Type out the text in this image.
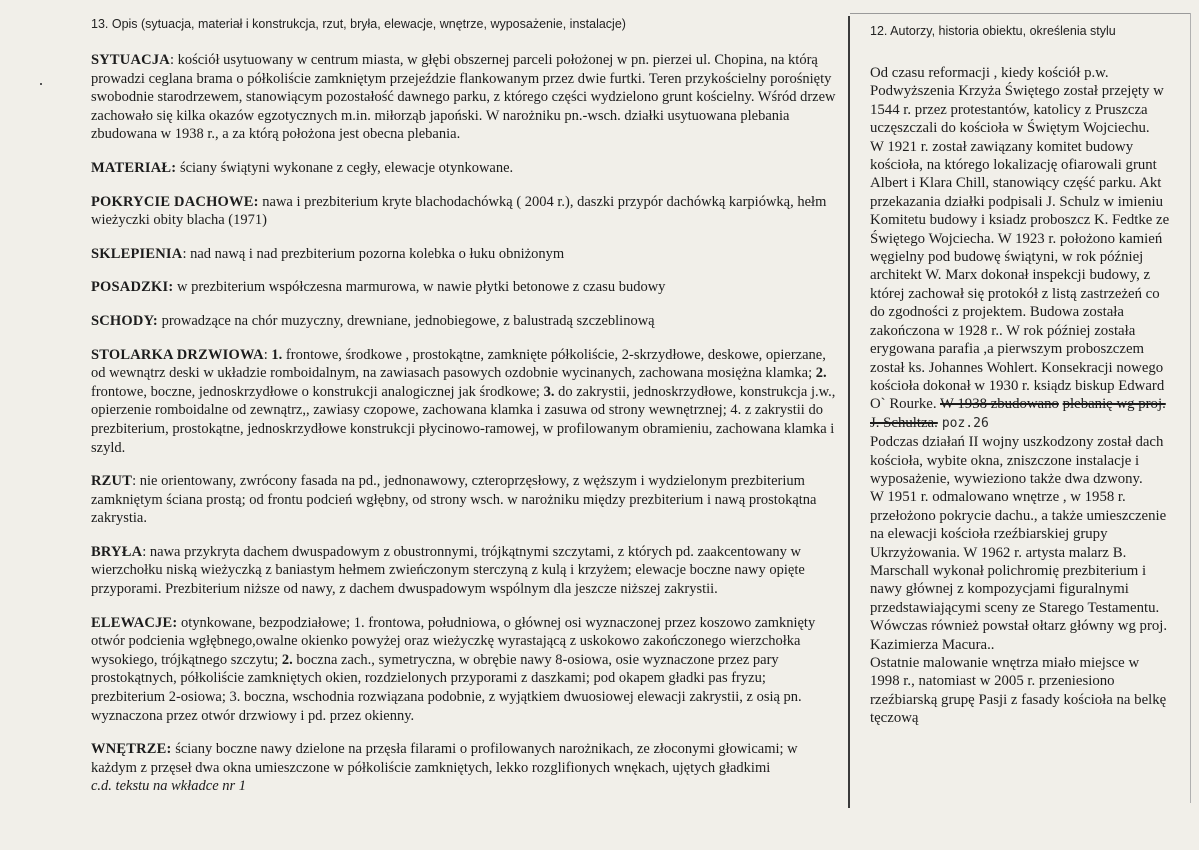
13. Opis (sytuacja, materiał i konstrukcja, rzut, bryła, elewacje, wnętrze, wyposażenie, instalacje)	12. Autorzy, historia obiektu, określenia stylu

SYTUACJA: kościół usytuowany w centrum miasta, w głębi obszernej parceli położonej w pn. pierzei ul. Chopina, na którą prowadzi ceglana brama o półkoliście zamkniętym przejeździe flankowanym przez dwie furtki. Teren przykościelny porośnięty swobodnie starodrzewem, stanowiącym pozostałość dawnego parku, z którego części wydzielono grunt kościelny. Wśród drzew zachowało się kilka okazów egzotycznych m.in. miłorząb japoński. W narożniku pn.-wsch. działki usytuowana plebania zbudowana w 1938 r., a za którą położona jest obecna plebania.

MATERIAŁ: ściany świątyni wykonane z cegły, elewacje otynkowane.

POKRYCIE DACHOWE: nawa i prezbiterium kryte blachodachówką ( 2004 r.), daszki przypór dachówką karpiówką, hełm wieżyczki obity blacha (1971)

SKLEPIENIA: nad nawą i nad prezbiterium pozorna kolebka o łuku obniżonym

POSADZKI: w prezbiterium współczesna marmurowa, w nawie płytki betonowe z czasu budowy

SCHODY: prowadzące na chór muzyczny, drewniane, jednobiegowe, z balustradą szczeblinową

STOLARKA DRZWIOWA: 1. frontowe, środkowe , prostokątne, zamknięte półkoliście, 2-skrzydłowe, deskowe, opierzane, od wewnątrz deski w układzie romboidalnym, na zawiasach pasowych ozdobnie wycinanych, zachowana mosiężna klamka; 2. frontowe, boczne, jednoskrzydłowe o konstrukcji analogicznej jak środkowe; 3. do zakrystii, jednoskrzydłowe, konstrukcja j.w., opierzenie romboidalne od zewnątrz,, zawiasy czopowe, zachowana klamka i zasuwa od strony wewnętrznej; 4. z zakrystii do prezbiterium, prostokątne, jednoskrzydłowe konstrukcji płycinowo-ramowej, w profilowanym obramieniu, zachowana klamka i szyld.

RZUT: nie orientowany, zwrócony fasada na pd., jednonawowy, czteroprzęsłowy, z węższym i wydzielonym prezbiterium zamkniętym ściana prostą; od frontu podcień wgłębny, od strony wsch. w narożniku między prezbiterium i nawą prostokątna zakrystia.

BRYŁA: nawa przykryta dachem dwuspadowym z obustronnymi, trójkątnymi szczytami, z których pd. zaakcentowany w wierzchołku niską wieżyczką z baniastym hełmem zwieńczonym sterczyną z kulą i krzyżem; elewacje boczne nawy opięte przyporami. Prezbiterium niższe od nawy, z dachem dwuspadowym wspólnym dla jeszcze niższej zakrystii.

ELEWACJE: otynkowane, bezpodziałowe; 1. frontowa, południowa, o głównej osi wyznaczonej przez koszowo zamknięty otwór podcienia wgłębnego,owalne okienko powyżej oraz wieżyczkę wyrastającą z uskokowo zakończonego wierzchołka wysokiego, trójkątnego szczytu; 2. boczna zach., symetryczna, w obrębie nawy 8-osiowa, osie wyznaczone przez pary prostokątnych, półkoliście zamkniętych okien, rozdzielonych przyporami z daszkami; pod okapem gładki pas fryzu; prezbiterium 2-osiowa; 3. boczna, wschodnia rozwiązana podobnie, z wyjątkiem dwuosiowej elewacji zakrystii, z osią pn. wyznaczona przez otwór drzwiowy i pd. przez okienny.

WNĘTRZE: ściany boczne nawy dzielone na przęsła filarami o profilowanych narożnikach, ze złoconymi głowicami; w każdym z przęseł dwa okna umieszczone w półkoliście zamkniętych, lekko rozglifionych wnękach, ujętych gładkimi
c.d. tekstu na wkładce nr 1

Od czasu reformacji , kiedy kościół p.w. Podwyższenia Krzyża Świętego został przejęty w 1544 r. przez protestantów, katolicy z Pruszcza uczęszczali do kościoła w Świętym Wojciechu.

W 1921 r. został zawiązany komitet budowy kościoła, na którego lokalizację ofiarowali grunt Albert i Klara Chill, stanowiący część parku. Akt przekazania działki podpisali J. Schulz w imieniu Komitetu budowy i ksiadz proboszcz K. Fedtke ze Świętego Wojciecha. W 1923 r. położono kamień węgielny pod budowę świątyni, w rok później architekt W. Marx dokonał inspekcji budowy, z której zachował się protokół z listą zastrzeżeń co do zgodności z projektem. Budowa została zakończona w 1928 r.. W rok później została erygowana parafia ,a pierwszym proboszczem został ks. Johannes Wohlert. Konsekracji nowego kościoła dokonał w 1930 r. ksiądz biskup Edward O` Rourke. W 1938 zbudowano plebanię wg proj. J. Schultza. poz.26

Podczas działań II wojny uszkodzony został dach kościoła, wybite okna, zniszczone instalacje i wyposażenie, wywieziono także dwa dzwony.

W 1951 r. odmalowano wnętrze , w 1958 r. przełożono pokrycie dachu., a także umieszczenie na elewacji kościoła rzeźbiarskiej grupy Ukrzyżowania. W 1962 r. artysta malarz B. Marschall wykonał polichromię prezbiterium i nawy głównej z kompozycjami figuralnymi przedstawiającymi sceny ze Starego Testamentu. Wówczas również powstał ołtarz główny wg proj. Kazimierza Macura..

Ostatnie malowanie wnętrza miało miejsce w 1998 r., natomiast w 2005 r. przeniesiono rzeźbiarską grupę Pasji z fasady kościoła na belkę tęczową
